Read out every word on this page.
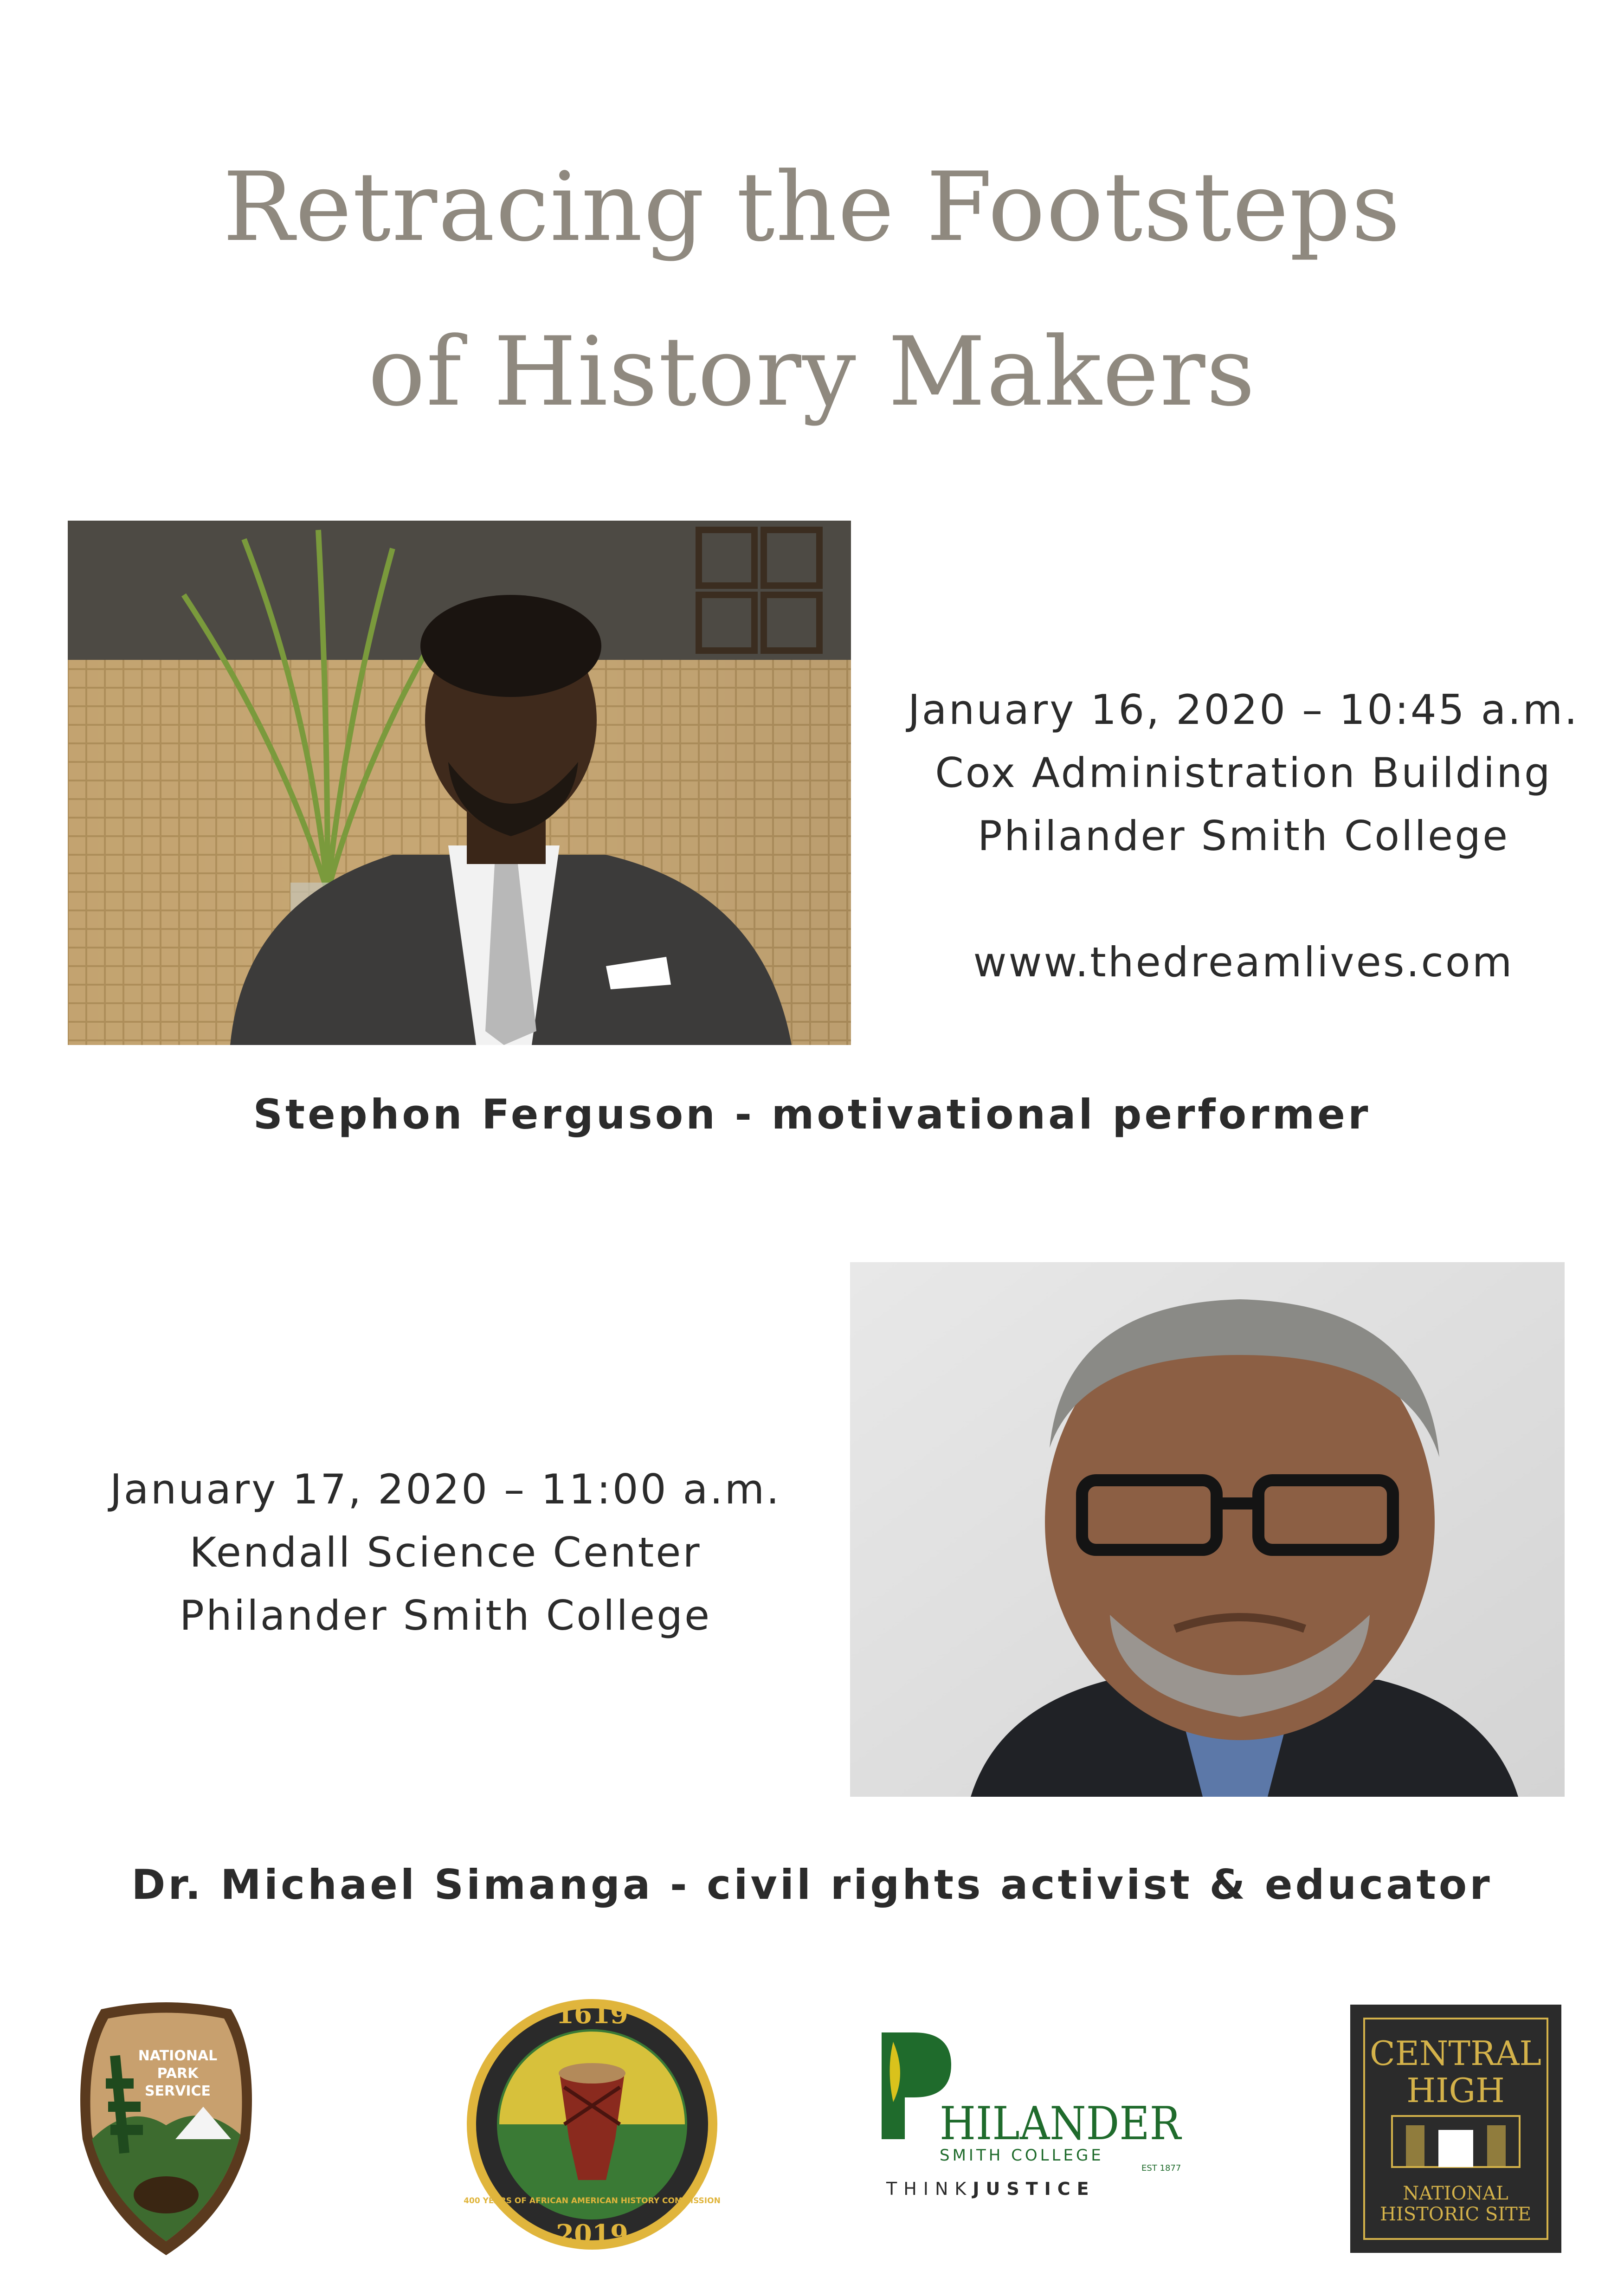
Retracing the Footsteps
of History Makers
January 16, 2020 – 10:45 a.m.
Cox Administration Building
Philander Smith College
www.thedreamlives.com
Stephon Ferguson - motivational performer
January 17, 2020 – 11:00 a.m.
Kendall Science Center
Philander Smith College
Dr. Michael Simanga - civil rights activist & educator
NATIONAL
PARK
SERVICE
1619
2019
400 YEARS OF AFRICAN AMERICAN HISTORY COMMISSION
HILANDER
SMITH COLLEGE
EST 1877
THINKJUSTICE
CENTRAL
HIGH
NATIONAL
HISTORIC SITE
